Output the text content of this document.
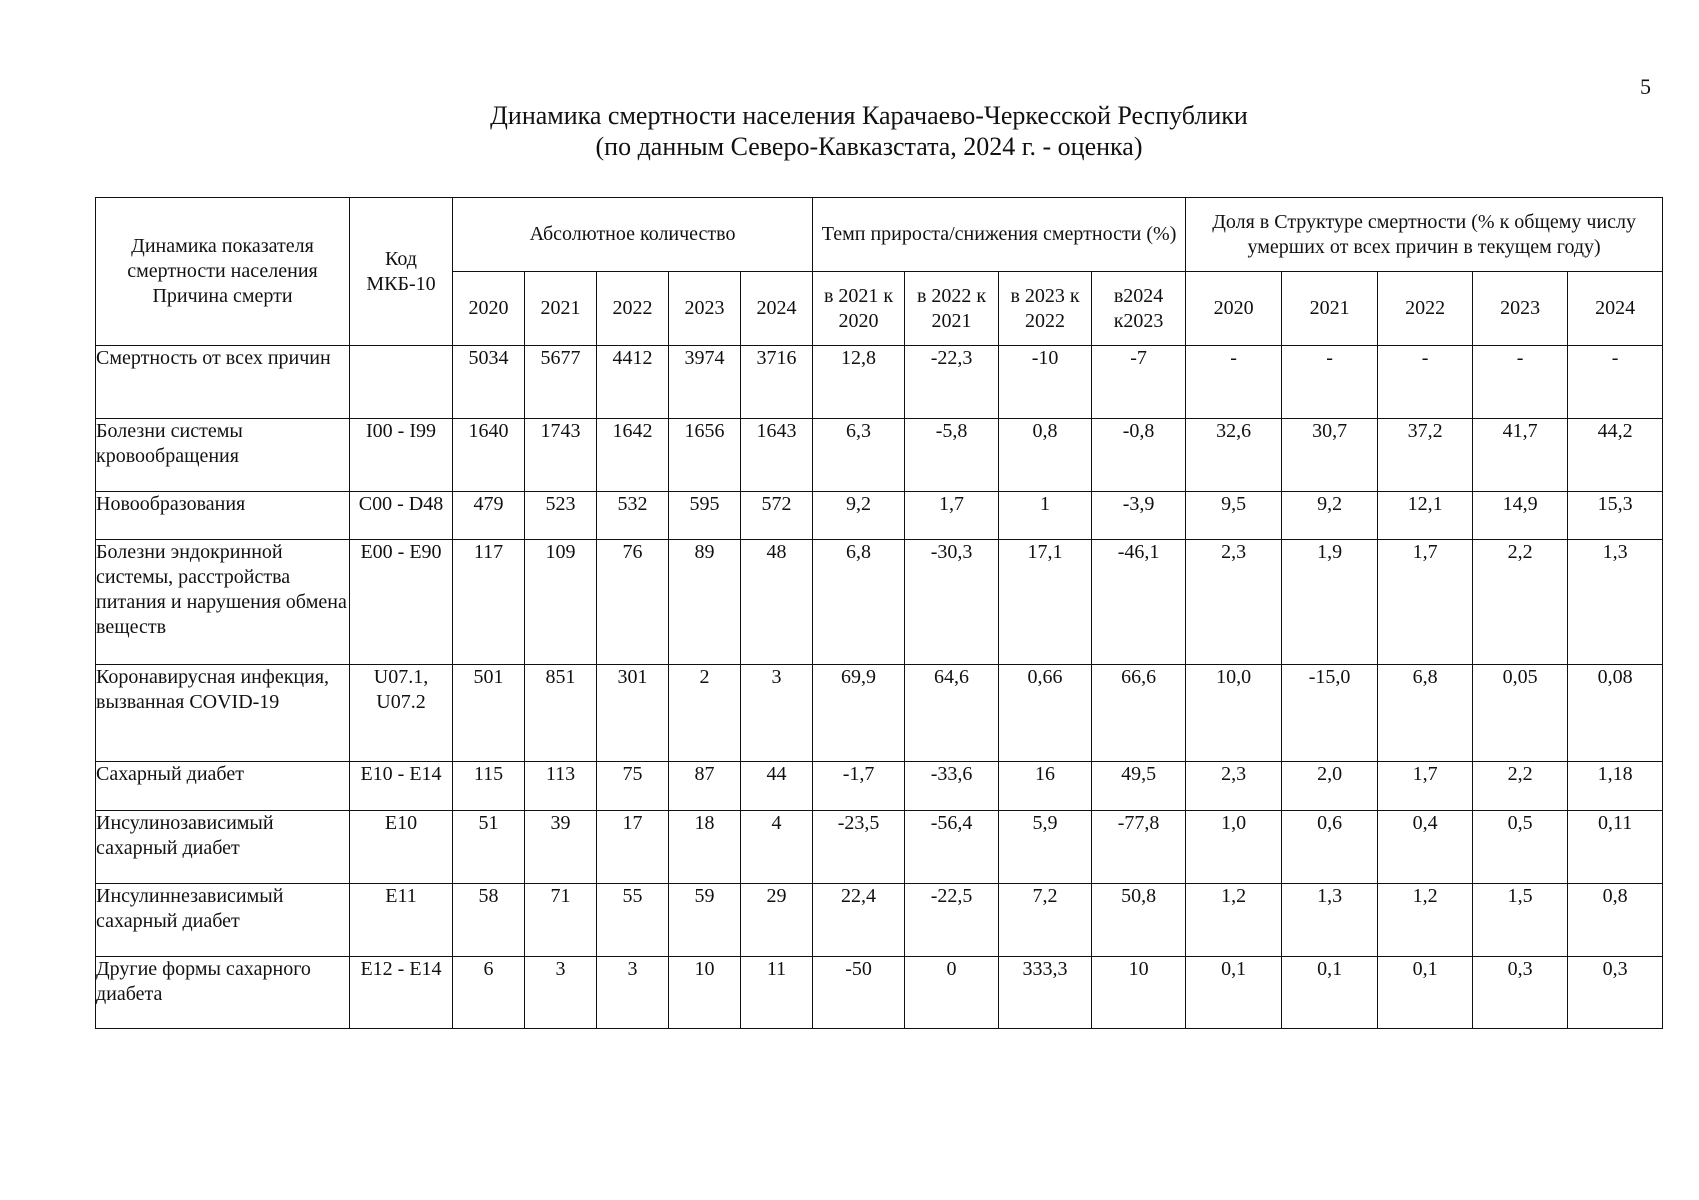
5
Динамика смертности населения Карачаево-Черкесской Республики
(по данным Северо-Кавказстата, 2024 г. - оценка)
Динамика показателя смертности населения Причина смерти	Код МКБ-10	Абсолютное количество					Темп прироста/снижения смертности (%)				Доля в Структуре смертности (% к общему числу умерших от всех причин в текущем году)				
		2020	2021	2022	2023	2024	в 2021 к 2020	в 2022 к 2021	в 2023 к 2022	в2024 к2023	2020	2021	2022	2023	2024
Смертность от всех причин		5034	5677	4412	3974	3716	12,8	-22,3	-10	-7	-	-	-	-	-
Болезни системы кровообращения	I00 - I99	1640	1743	1642	1656	1643	6,3	-5,8	0,8	-0,8	32,6	30,7	37,2	41,7	44,2
Новообразования	C00 - D48	479	523	532	595	572	9,2	1,7	1	-3,9	9,5	9,2	12,1	14,9	15,3
Болезни эндокринной системы, расстройства питания и нарушения обмена веществ	E00 - E90	117	109	76	89	48	6,8	-30,3	17,1	-46,1	2,3	1,9	1,7	2,2	1,3
Коронавирусная инфекция, вызванная COVID-19	U07.1, U07.2	501	851	301	2	3	69,9	64,6	0,66	66,6	10,0	-15,0	6,8	0,05	0,08
Сахарный диабет	E10 - E14	115	113	75	87	44	-1,7	-33,6	16	49,5	2,3	2,0	1,7	2,2	1,18
Инсулинозависимый сахарный диабет	E10	51	39	17	18	4	-23,5	-56,4	5,9	-77,8	1,0	0,6	0,4	0,5	0,11
Инсулиннезависимый сахарный диабет	E11	58	71	55	59	29	22,4	-22,5	7,2	50,8	1,2	1,3	1,2	1,5	0,8
Другие формы сахарного диабета	E12 - E14	6	3	3	10	11	-50	0	333,3	10	0,1	0,1	0,1	0,3	0,3
